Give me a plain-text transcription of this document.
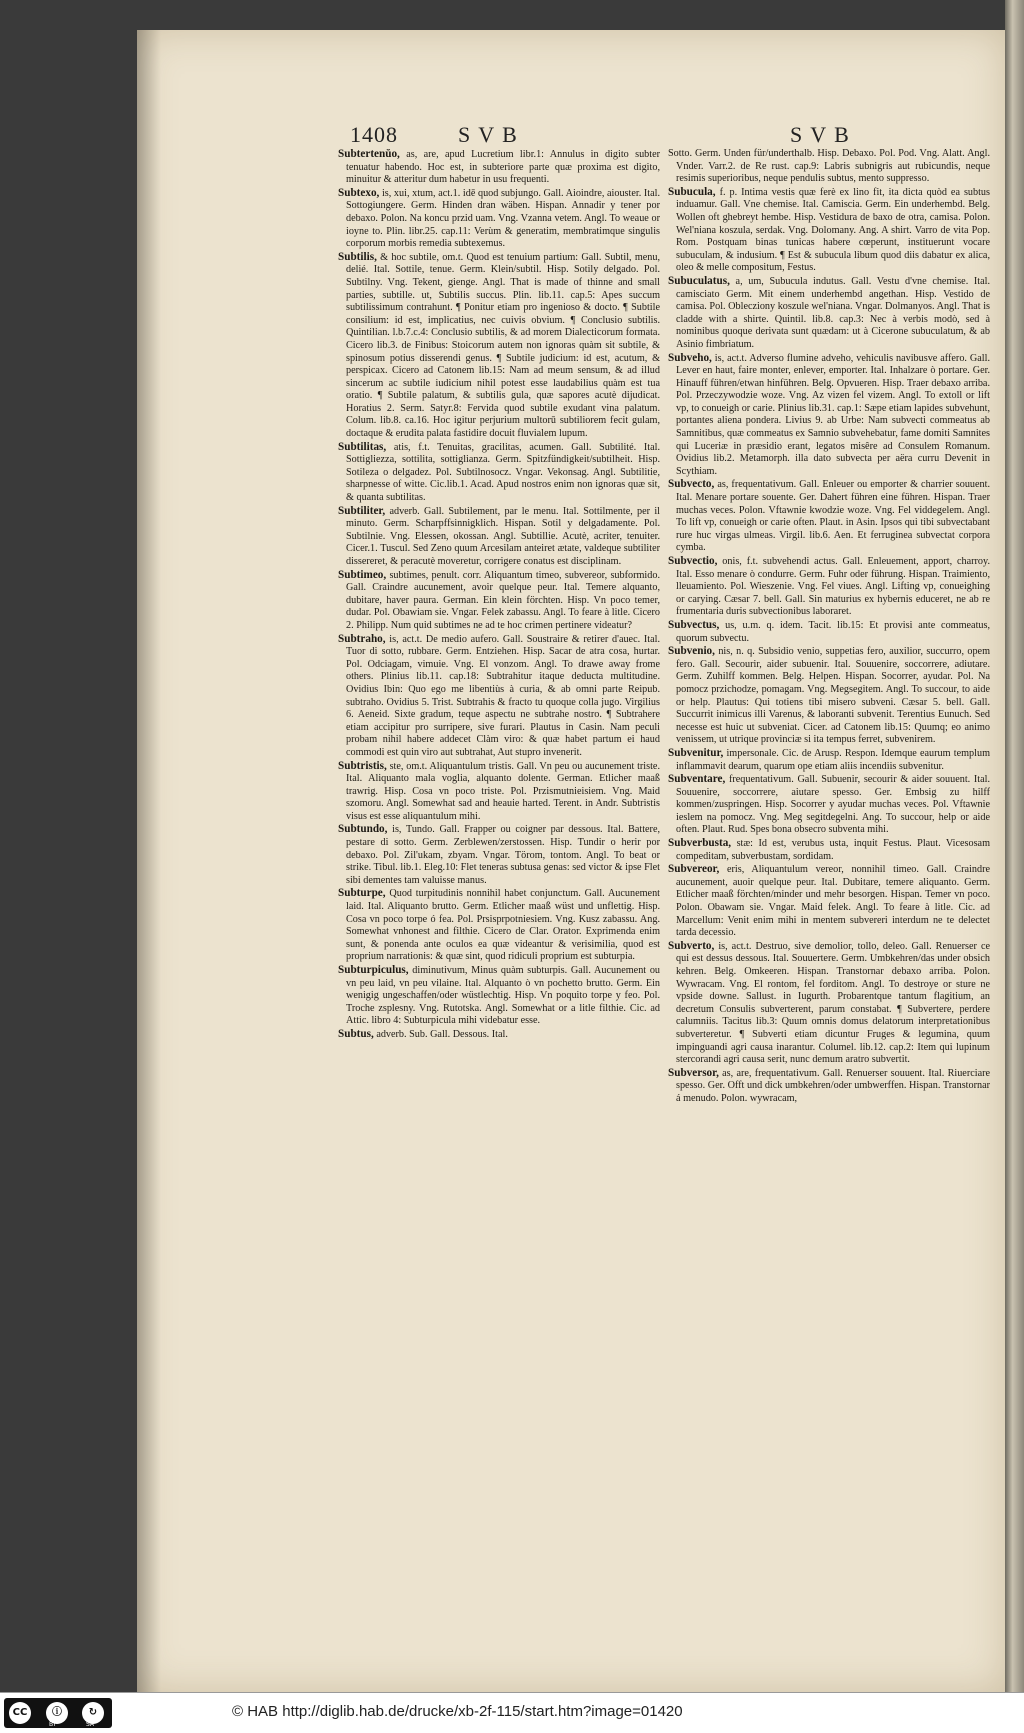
1408	SVB	SVB
Subtertenŭo, as, are, apud Lucretium libr.1: Annulus in digito subter tenuatur habendo. Hoc est, in subteriore parte quæ proxima est digito, minuitur & atteritur dum habetur in usu frequenti.
Subtexo, is, xui, xtum, act.1. idē quod subjungo. Gall. Aioindre, aiouster. Ital. Sottogiungere. Germ. Hinden dran wäben. Hispan. Annadir y tener por debaxo. Polon. Na koncu przid uam. Vng. Vzanna vetem. Angl. To weaue or ioyne to. Plin. libr.25. cap.11: Verùm & generatim, membratimque singulis corporum morbis remedia subtexemus.
Subtilis, & hoc subtile, om.t. Quod est tenuium partium: Gall. Subtil, menu, delié. Ital. Sottile, tenue. Germ. Klein/subtil. Hisp. Sotily delgado. Pol. Subtilny. Vng. Tekent, gienge. Angl. That is made of thinne and small parties, subtille. ut, Subtilis succus. Plin. lib.11. cap.5: Apes succum subtilissimum contrahunt. ¶ Ponitur etiam pro ingenioso & docto. ¶ Subtile consilium: id est, implicatius, nec cuivis obvium. ¶ Conclusio subtilis. Quintilian. l.b.7.c.4: Conclusio subtilis, & ad morem Dialecticorum formata. Cicero lib.3. de Finibus: Stoicorum autem non ignoras quàm sit subtile, & spinosum potius disserendi genus. ¶ Subtile judicium: id est, acutum, & perspicax. Cicero ad Catonem lib.15: Nam ad meum sensum, & ad illud sincerum ac subtile iudicium nihil potest esse laudabilius quàm est tua oratio. ¶ Subtile palatum, & subtilis gula, quæ sapores acutè dijudicat. Horatius 2. Serm. Satyr.8: Fervida quod subtile exudant vina palatum. Colum. lib.8. ca.16. Hoc igitur perjurium multorū subtiliorem fecit gulam, doctaque & erudita palata fastidire docuit fluvialem lupum.
Subtilitas, atis, f.t. Tenuitas, gracilitas, acumen. Gall. Subtilité. Ital. Sottigliezza, sottilita, sottiglianza. Germ. Spitzfündigkeit/subtilheit. Hisp. Sotileza o delgadez. Pol. Subtilnosocz. Vngar. Vekonsag. Angl. Subtilitie, sharpnesse of witte. Cic.lib.1. Acad. Apud nostros enim non ignoras quæ sit, & quanta subtilitas.
Subtiliter, adverb. Gall. Subtilement, par le menu. Ital. Sottilmente, per il minuto. Germ. Scharpffsinnigklich. Hispan. Sotil y delgadamente. Pol. Subtilnie. Vng. Elessen, okossan. Angl. Subtillie. Acutè, acriter, tenuiter. Cicer.1. Tuscul. Sed Zeno quum Arcesilam anteiret ætate, valdeque subtiliter dissereret, & peracutè moveretur, corrigere conatus est disciplinam.
Subtimeo, subtimes, penult. corr. Aliquantum timeo, subvereor, subformido. Gall. Craindre aucunement, avoir quelque peur. Ital. Temere alquanto, dubitare, haver paura. German. Ein klein förchten. Hisp. Vn poco temer, dudar. Pol. Obawiam sie. Vngar. Felek zabassu. Angl. To feare à litle. Cicero 2. Philipp. Num quid subtimes ne ad te hoc crimen pertinere videatur?
Subtraho, is, act.t. De medio aufero. Gall. Soustraire & retirer d'auec. Ital. Tuor di sotto, rubbare. Germ. Entziehen. Hisp. Sacar de atra cosa, hurtar. Pol. Odciagam, vimuie. Vng. El vonzom. Angl. To drawe away frome others. Plinius lib.11. cap.18: Subtrahitur itaque deducta multitudine. Ovidius Ibin: Quo ego me libentiùs à curia, & ab omni parte Reipub. subtraho. Ovidius 5. Trist. Subtrahis & fracto tu quoque colla jugo. Virgilius 6. Aeneid. Sixte gradum, teque aspectu ne subtrahe nostro. ¶ Subtrahere etiam accipitur pro surripere, sive furari. Plautus in Casin. Nam peculi probam nihil habere addecet Clàm viro: & quæ habet partum ei haud commodi est quin viro aut subtrahat, Aut stupro invenerit.
Subtristis, ste, om.t. Aliquantulum tristis. Gall. Vn peu ou aucunement triste. Ital. Aliquanto mala voglia, alquanto dolente. German. Etlicher maaß trawrig. Hisp. Cosa vn poco triste. Pol. Przismutnieisiem. Vng. Maid szomoru. Angl. Somewhat sad and heauie harted. Terent. in Andr. Subtristis visus est esse aliquantulum mihi.
Subtundo, is, Tundo. Gall. Frapper ou coigner par dessous. Ital. Battere, pestare di sotto. Germ. Zerblewen/zerstossen. Hisp. Tundir o herir por debaxo. Pol. Zil'ukam, zbyam. Vngar. Törom, tontom. Angl. To beat or strike. Tibul. lib.1. Eleg.10: Flet teneras subtusa genas: sed victor & ipse Flet sibi dementes tam valuisse manus.
Subturpe, Quod turpitudinis nonnihil habet conjunctum. Gall. Aucunement laid. Ital. Aliquanto brutto. Germ. Etlicher maaß wüst und unflettig. Hisp. Cosa vn poco torpe ó fea. Pol. Prsisprpotniesiem. Vng. Kusz zabassu. Ang. Somewhat vnhonest and filthie. Cicero de Clar. Orator. Exprimenda enim sunt, & ponenda ante oculos ea quæ videantur & verisimilia, quod est proprium narrationis: & quæ sint, quod ridiculi proprium est subturpia.
Subturpiculus, diminutivum, Minus quàm subturpis. Gall. Aucunement ou vn peu laid, vn peu vilaine. Ital. Alquanto ò vn pochetto brutto. Germ. Ein wenigig ungeschaffen/oder wüstlechtig. Hisp. Vn poquito torpe y feo. Pol. Troche zsplesny. Vng. Rutotska. Angl. Somewhat or a litle filthie. Cic. ad Attic. libro 4: Subturpicula mihi videbatur esse.
Subtus, adverb. Sub. Gall. Dessous. Ital.
Sotto. Germ. Unden für/underthalb. Hisp. Debaxo. Pol. Pod. Vng. Alatt. Angl. Vnder. Varr.2. de Re rust. cap.9: Labris subnigris aut rubicundis, neque resimis superioribus, neque pendulis subtus, mento suppresso.
Subucula, f. p. Intima vestis quæ ferè ex lino fit, ita dicta quòd ea subtus induamur. Gall. Vne chemise. Ital. Camiscia. Germ. Ein underhembd. Belg. Wollen oft ghebreyt hembe. Hisp. Vestidura de baxo de otra, camisa. Polon. Wel'niana koszula, serdak. Vng. Dolomany. Ang. A shirt. Varro de vita Pop. Rom. Postquam binas tunicas habere cœperunt, instituerunt vocare subuculam, & indusium. ¶ Est & subucula libum quod diis dabatur ex alica, oleo & melle compositum, Festus.
Subuculatus, a, um, Subucula indutus. Gall. Vestu d'vne chemise. Ital. camisciato Germ. Mit einem underhembd angethan. Hisp. Vestido de camisa. Pol. Oblecziony koszule wel'niana. Vngar. Dolmanyos. Angl. That is cladde with a shirte. Quintil. lib.8. cap.3: Nec à verbis modò, sed à nominibus quoque derivata sunt quædam: ut à Cicerone subuculatum, & ab Asinio fimbriatum.
Subveho, is, act.t. Adverso flumine adveho, vehiculis navibusve affero. Gall. Lever en haut, faire monter, enlever, emporter. Ital. Inhalzare ò portare. Ger. Hinauff führen/etwan hinführen. Belg. Opvueren. Hisp. Traer debaxo arriba. Pol. Przeczywodzie woze. Vng. Az vizen fel vizem. Angl. To extoll or lift vp, to conueigh or carie. Plinius lib.31. cap.1: Sæpe etiam lapides subvehunt, portantes aliena pondera. Livius 9. ab Urbe: Nam subvecti commeatus ab Samnitibus, quæ commeatus ex Samnio subvehebatur, fame domiti Samnites qui Luceriæ in præsidio erant, legatos misêre ad Consulem Romanum. Ovidius lib.2. Metamorph. illa dato subvecta per aëra curru Devenit in Scythiam.
Subvecto, as, frequentativum. Gall. Enleuer ou emporter & charrier souuent. Ital. Menare portare souente. Ger. Dahert führen eine führen. Hispan. Traer muchas veces. Polon. Vftawnie kwodzie woze. Vng. Fel viddegelem. Angl. To lift vp, conueigh or carie often. Plaut. in Asin. Ipsos qui tibi subvectabant rure huc virgas ulmeas. Virgil. lib.6. Aen. Et ferruginea subvectat corpora cymba.
Subvectio, onis, f.t. subvehendi actus. Gall. Enleuement, apport, charroy. Ital. Esso menare ò condurre. Germ. Fuhr oder führung. Hispan. Traimiento, lleuamiento. Pol. Wieszenie. Vng. Fel viues. Angl. Lifting vp, conueighing or carying. Cæsar 7. bell. Gall. Sin maturius ex hybernis educeret, ne ab re frumentaria duris subvectionibus laboraret.
Subvectus, us, u.m. q. idem. Tacit. lib.15: Et provisi ante commeatus, quorum subvectu.
Subvenio, nis, n. q. Subsidio venio, suppetias fero, auxilior, succurro, opem fero. Gall. Secourir, aider subuenir. Ital. Souuenire, soccorrere, adiutare. Germ. Zuhilff kommen. Belg. Helpen. Hispan. Socorrer, ayudar. Pol. Na pomocz przichodze, pomagam. Vng. Megsegitem. Angl. To succour, to aide or help. Plautus: Qui totiens tibi misero subveni. Cæsar 5. bell. Gall. Succurrit inimicus illi Varenus, & laboranti subvenit. Terentius Eunuch. Sed necesse est huic ut subveniat. Cicer. ad Catonem lib.15: Quumq; eo animo venissem, ut utrique provinciæ si ita tempus ferret, subvenirem.
Subvenitur, impersonale. Cic. de Arusp. Respon. Idemque eaurum templum inflammavit dearum, quarum ope etiam aliis incendiis subvenitur.
Subventare, frequentativum. Gall. Subuenir, secourir & aider souuent. Ital. Souuenire, soccorrere, aiutare spesso. Ger. Embsig zu hilff kommen/zuspringen. Hisp. Socorrer y ayudar muchas veces. Pol. Vftawnie ieslem na pomocz. Vng. Meg segitdegelni. Ang. To succour, help or aide often. Plaut. Rud. Spes bona obsecro subventa mihi.
Subverbusta, stæ: Id est, verubus usta, inquit Festus. Plaut. Vicesosam compeditam, subverbustam, sordidam.
Subvereor, eris, Aliquantulum vereor, nonnihil timeo. Gall. Craindre aucunement, auoir quelque peur. Ital. Dubitare, temere aliquanto. Germ. Etlicher maaß förchten/minder und mehr besorgen. Hispan. Temer vn poco. Polon. Obawam sie. Vngar. Maid felek. Angl. To feare à litle. Cic. ad Marcellum: Venit enim mihi in mentem subvereri interdum ne te delectet tarda decessio.
Subverto, is, act.t. Destruo, sive demolior, tollo, deleo. Gall. Renuerser ce qui est dessus dessous. Ital. Souuertere. Germ. Umbkehren/das under obsich kehren. Belg. Omkeeren. Hispan. Transtornar debaxo arriba. Polon. Wywracam. Vng. El rontom, fel forditom. Angl. To destroye or sture ne vpside downe. Sallust. in Iugurth. Probarentque tantum flagitium, an decretum Consulis subverterent, parum constabat. ¶ Subvertere, perdere calumniis. Tacitus lib.3: Quum omnis domus delatorum interpretationibus subverteretur. ¶ Subverti etiam dicuntur Fruges & legumina, quum impinguandi agri causa inarantur. Columel. lib.12. cap.2: Item qui lupinum stercorandi agri causa serit, nunc demum aratro subvertit.
Subversor, as, are, frequentativum. Gall. Renuerser souuent. Ital. Riuerciare spesso. Ger. Offt und dick umbkehren/oder umbwerffen. Hispan. Transtornar á menudo. Polon. wywracam,
CC	ⓘ	↻
BY	SA
© HAB http://diglib.hab.de/drucke/xb-2f-115/start.htm?image=01420
